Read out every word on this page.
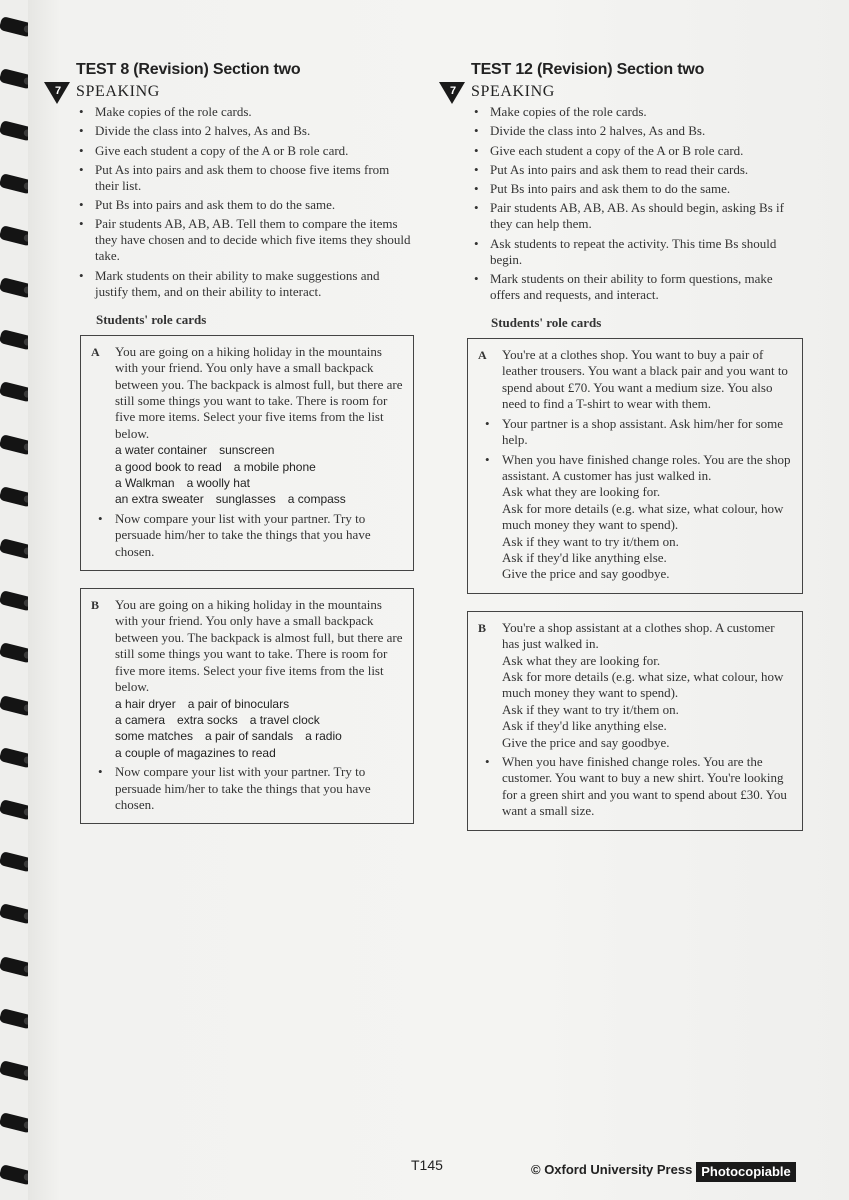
TEST 8 (Revision) Section two
7 SPEAKING
• Make copies of the role cards.
• Divide the class into 2 halves, As and Bs.
• Give each student a copy of the A or B role card.
• Put As into pairs and ask them to choose five items from their list.
• Put Bs into pairs and ask them to do the same.
• Pair students AB, AB, AB. Tell them to compare the items they have chosen and to decide which five items they should take.
• Mark students on their ability to make suggestions and justify them, and on their ability to interact.
Students' role cards
A You are going on a hiking holiday in the mountains with your friend. You only have a small backpack between you. The backpack is almost full, but there are still some things you want to take. There is room for five more items. Select your five items from the list below.
a water container sunscreen
a good book to read a mobile phone
a Walkman a woolly hat
an extra sweater sunglasses a compass
• Now compare your list with your partner. Try to persuade him/her to take the things that you have chosen.
B You are going on a hiking holiday in the mountains with your friend. You only have a small backpack between you. The backpack is almost full, but there are still some things you want to take. There is room for five more items. Select your five items from the list below.
a hair dryer a pair of binoculars
a camera extra socks a travel clock
some matches a pair of sandals a radio
a couple of magazines to read
• Now compare your list with your partner. Try to persuade him/her to take the things that you have chosen.
TEST 12 (Revision) Section two
7 SPEAKING
• Make copies of the role cards.
• Divide the class into 2 halves, As and Bs.
• Give each student a copy of the A or B role card.
• Put As into pairs and ask them to read their cards.
• Put Bs into pairs and ask them to do the same.
• Pair students AB, AB, AB. As should begin, asking Bs if they can help them.
• Ask students to repeat the activity. This time Bs should begin.
• Mark students on their ability to form questions, make offers and requests, and interact.
Students' role cards
A You're at a clothes shop. You want to buy a pair of leather trousers. You want a black pair and you want to spend about £70. You want a medium size. You also need to find a T-shirt to wear with them.
• Your partner is a shop assistant. Ask him/her for some help.
• When you have finished change roles. You are the shop assistant. A customer has just walked in.
Ask what they are looking for.
Ask for more details (e.g. what size, what colour, how much money they want to spend).
Ask if they want to try it/them on.
Ask if they'd like anything else.
Give the price and say goodbye.
B You're a shop assistant at a clothes shop. A customer has just walked in.
Ask what they are looking for.
Ask for more details (e.g. what size, what colour, how much money they want to spend).
Ask if they want to try it/them on.
Ask if they'd like anything else.
Give the price and say goodbye.
• When you have finished change roles. You are the customer. You want to buy a new shirt. You're looking for a green shirt and you want to spend about £30. You want a small size.
T145	© Oxford University Press Photocopiable
